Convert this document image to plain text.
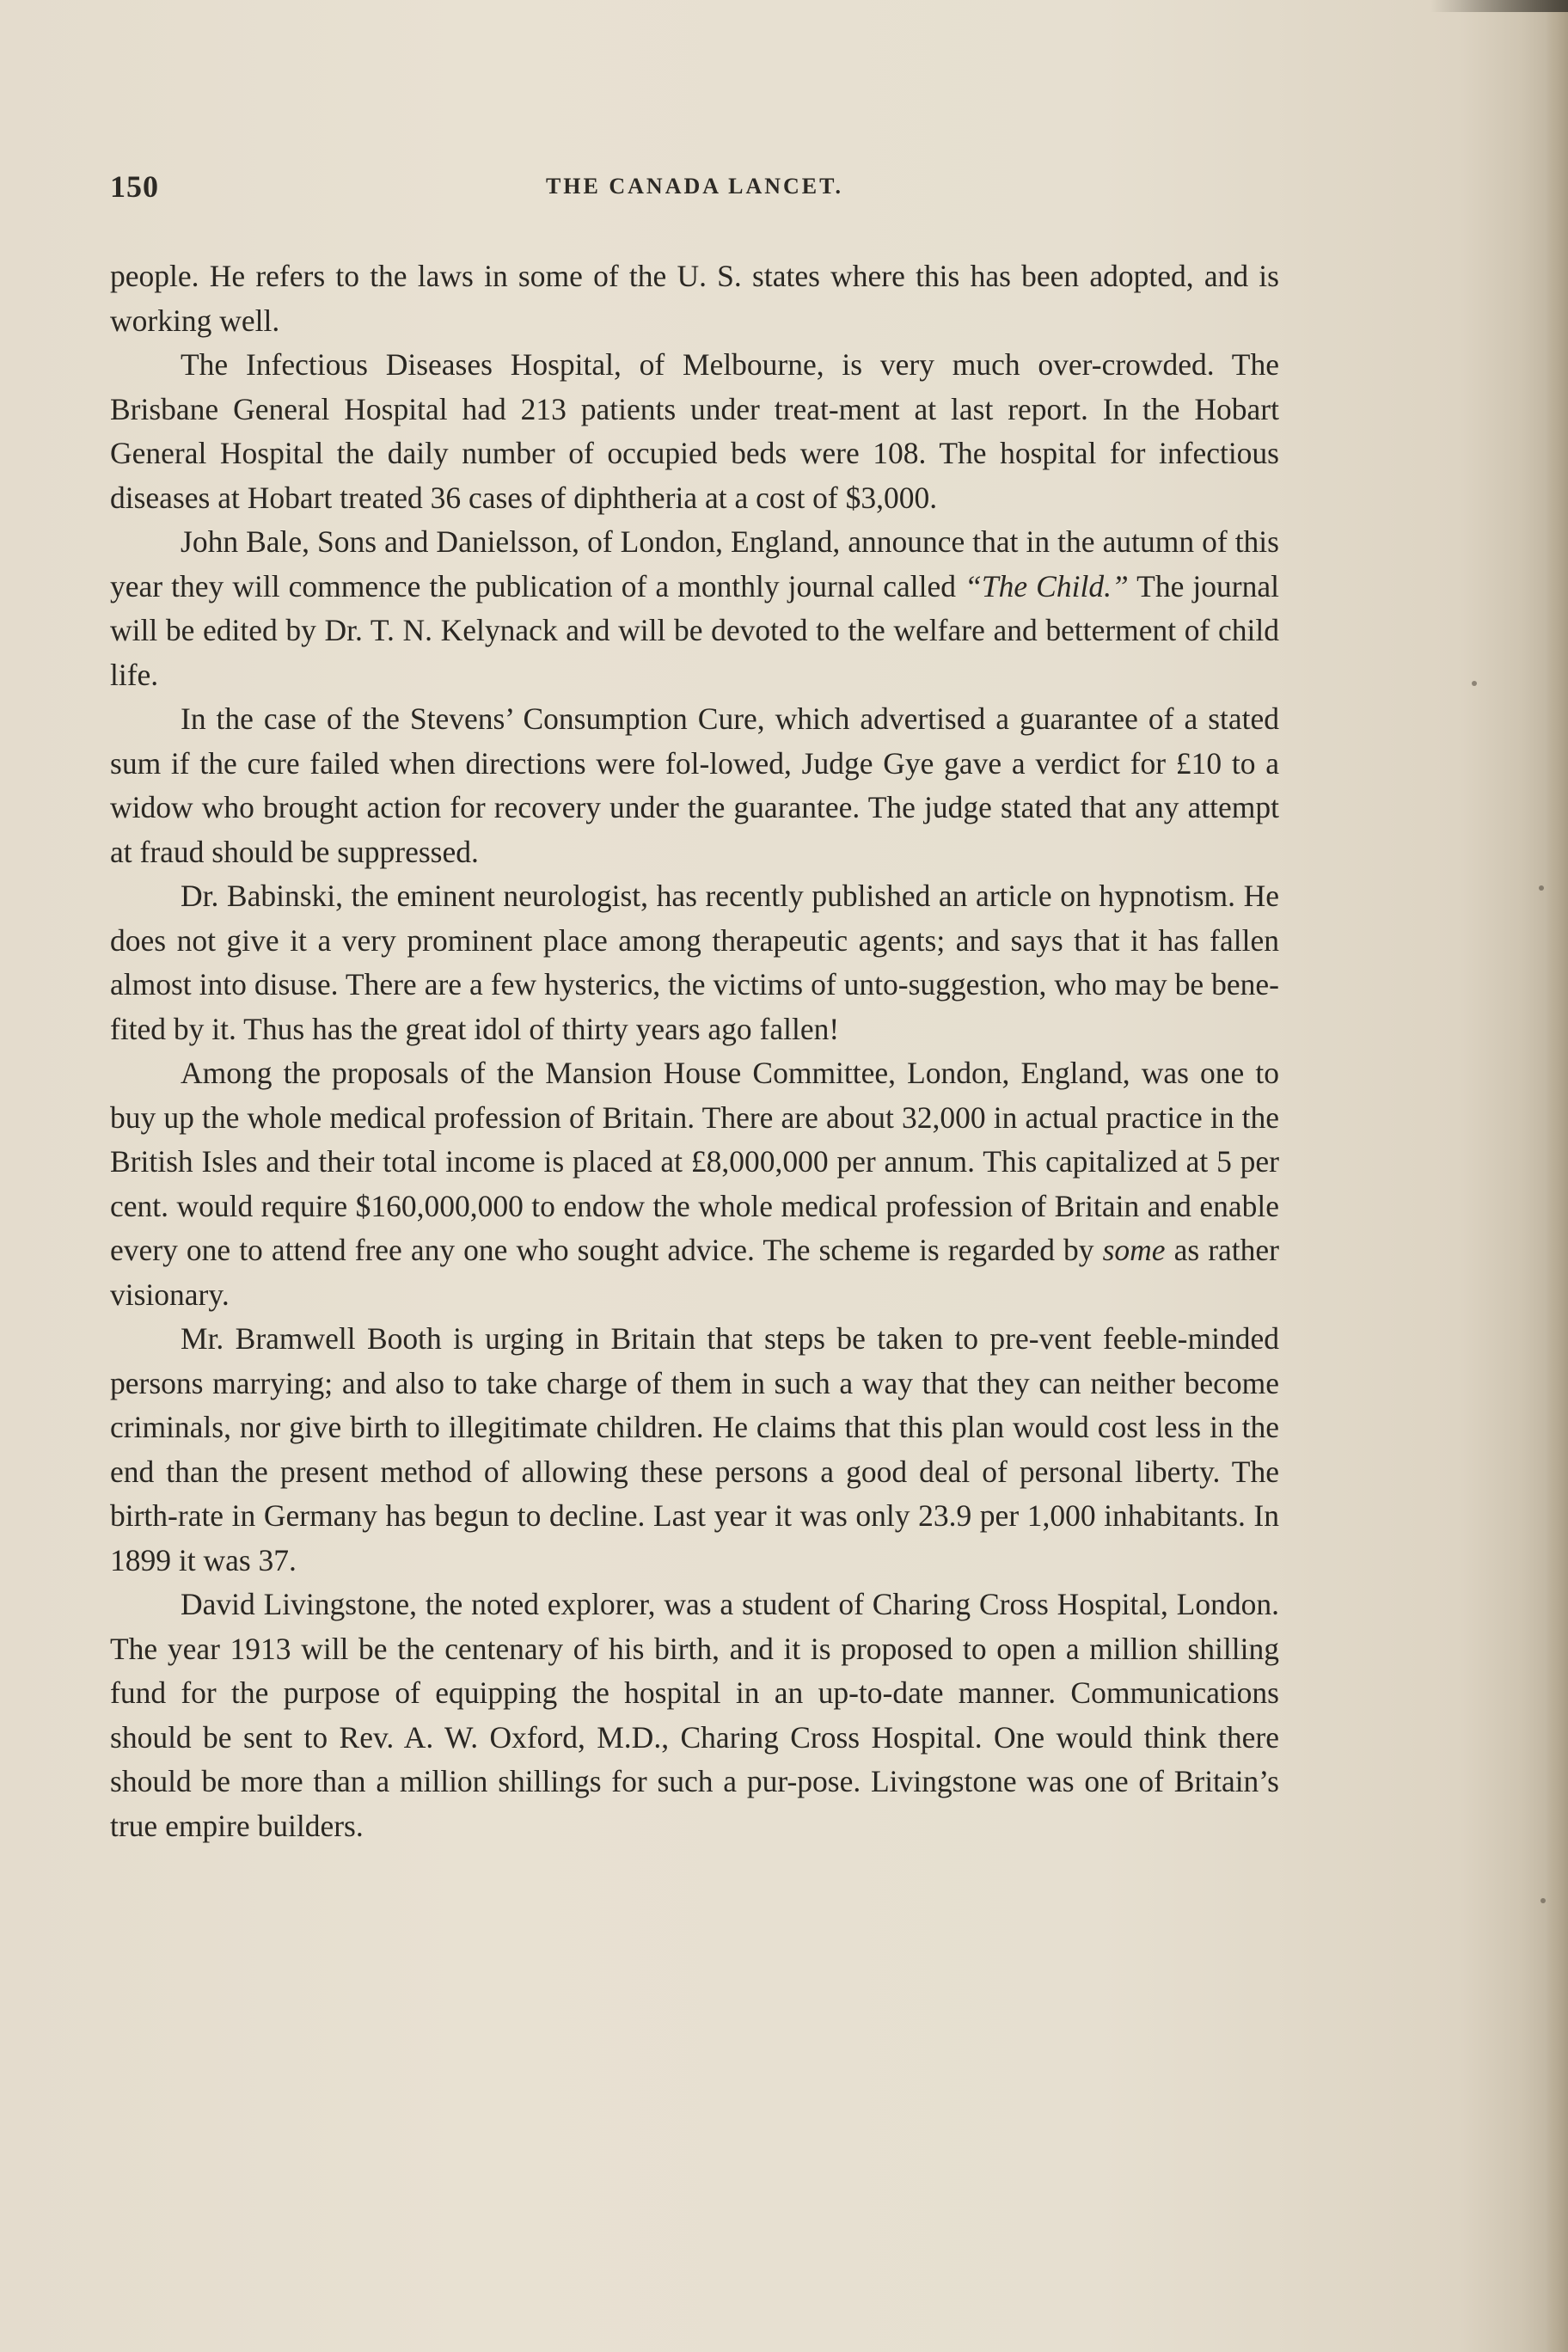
150	THE CANADA LANCET.

people. He refers to the laws in some of the U. S. states where this has been adopted, and is working well.

The Infectious Diseases Hospital, of Melbourne, is very much over-crowded. The Brisbane General Hospital had 213 patients under treat-ment at last report. In the Hobart General Hospital the daily number of occupied beds were 108. The hospital for infectious diseases at Hobart treated 36 cases of diphtheria at a cost of $3,000.

John Bale, Sons and Danielsson, of London, England, announce that in the autumn of this year they will commence the publication of a monthly journal called “The Child.” The journal will be edited by Dr. T. N. Kelynack and will be devoted to the welfare and betterment of child life.

In the case of the Stevens’ Consumption Cure, which advertised a guarantee of a stated sum if the cure failed when directions were fol-lowed, Judge Gye gave a verdict for £10 to a widow who brought action for recovery under the guarantee. The judge stated that any attempt at fraud should be suppressed.

Dr. Babinski, the eminent neurologist, has recently published an article on hypnotism. He does not give it a very prominent place among therapeutic agents; and says that it has fallen almost into disuse. There are a few hysterics, the victims of unto-suggestion, who may be bene-fited by it. Thus has the great idol of thirty years ago fallen!

Among the proposals of the Mansion House Committee, London, England, was one to buy up the whole medical profession of Britain. There are about 32,000 in actual practice in the British Isles and their total income is placed at £8,000,000 per annum. This capitalized at 5 per cent. would require $160,000,000 to endow the whole medical profession of Britain and enable every one to attend free any one who sought advice. The scheme is regarded by some as rather visionary.

Mr. Bramwell Booth is urging in Britain that steps be taken to pre-vent feeble-minded persons marrying; and also to take charge of them in such a way that they can neither become criminals, nor give birth to illegitimate children. He claims that this plan would cost less in the end than the present method of allowing these persons a good deal of personal liberty. The birth-rate in Germany has begun to decline. Last year it was only 23.9 per 1,000 inhabitants. In 1899 it was 37.

David Livingstone, the noted explorer, was a student of Charing Cross Hospital, London. The year 1913 will be the centenary of his birth, and it is proposed to open a million shilling fund for the purpose of equipping the hospital in an up-to-date manner. Communications should be sent to Rev. A. W. Oxford, M.D., Charing Cross Hospital. One would think there should be more than a million shillings for such a pur-pose. Livingstone was one of Britain’s true empire builders.
